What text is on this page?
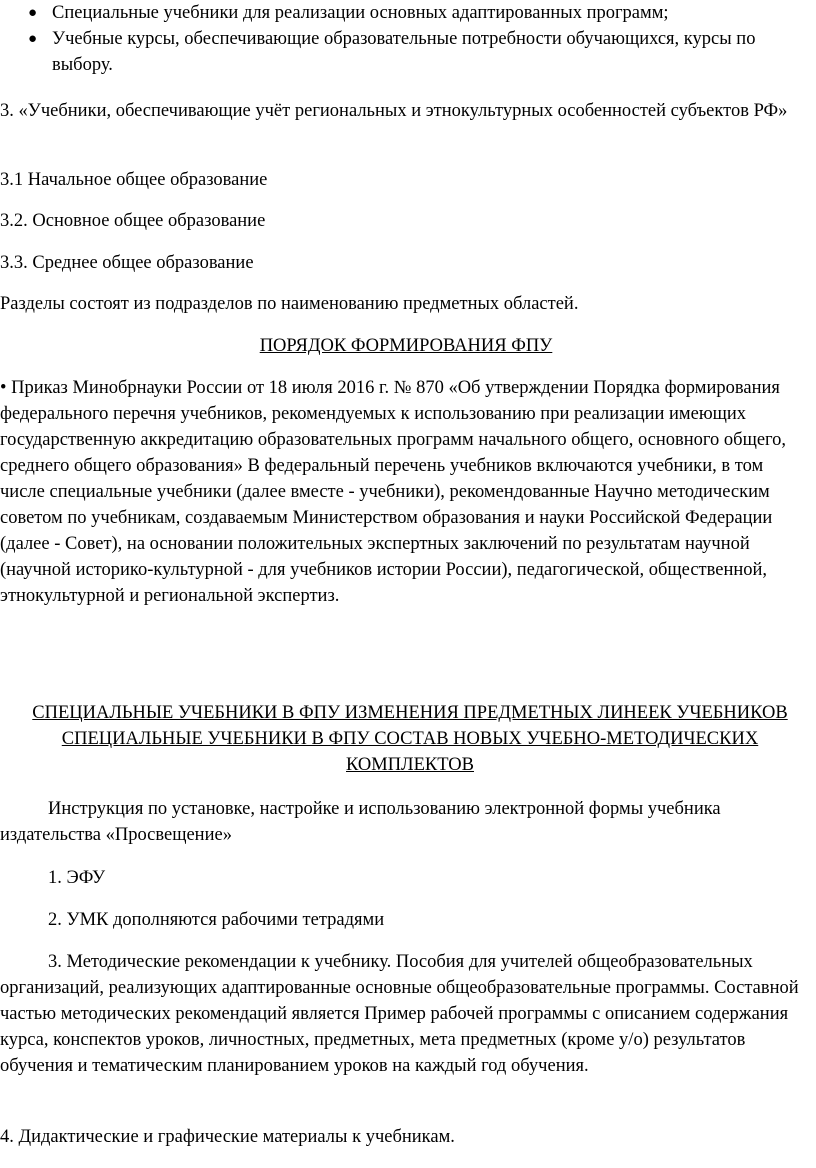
● Специальные учебники для реализации основных адаптированных программ;
● Учебные курсы, обеспечивающие образовательные потребности обучающихся, курсы по выбору.

3. «Учебники, обеспечивающие учёт региональных и этнокультурных особенностей субъектов РФ»

3.1 Начальное общее образование

3.2. Основное общее образование

3.3. Среднее общее образование

Разделы состоят из подразделов по наименованию предметных областей.

ПОРЯДОК ФОРМИРОВАНИЯ ФПУ

• Приказ Минобрнауки России от 18 июля 2016 г. № 870 «Об утверждении Порядка формирования федерального перечня учебников, рекомендуемых к использованию при реализации имеющих государственную аккредитацию образовательных программ начального общего, основного общего, среднего общего образования» В федеральный перечень учебников включаются учебники, в том числе специальные учебники (далее вместе - учебники), рекомендованные Научно методическим советом по учебникам, создаваемым Министерством образования и науки Российской Федерации (далее - Совет), на основании положительных экспертных заключений по результатам научной (научной историко-культурной - для учебников истории России), педагогической, общественной, этнокультурной и региональной экспертиз.

СПЕЦИАЛЬНЫЕ УЧЕБНИКИ В ФПУ ИЗМЕНЕНИЯ ПРЕДМЕТНЫХ ЛИНЕЕК УЧЕБНИКОВ СПЕЦИАЛЬНЫЕ УЧЕБНИКИ В ФПУ СОСТАВ НОВЫХ УЧЕБНО-МЕТОДИЧЕСКИХ КОМПЛЕКТОВ

Инструкция по установке, настройке и использованию электронной формы учебника издательства «Просвещение»

1. ЭФУ

2. УМК дополняются рабочими тетрадями

3. Методические рекомендации к учебнику. Пособия для учителей общеобразовательных организаций, реализующих адаптированные основные общеобразовательные программы. Составной частью методических рекомендаций является Пример рабочей программы с описанием содержания курса, конспектов уроков, личностных, предметных, мета предметных (кроме у/о) результатов обучения и тематическим планированием уроков на каждый год обучения.

4. Дидактические и графические материалы к учебникам.
